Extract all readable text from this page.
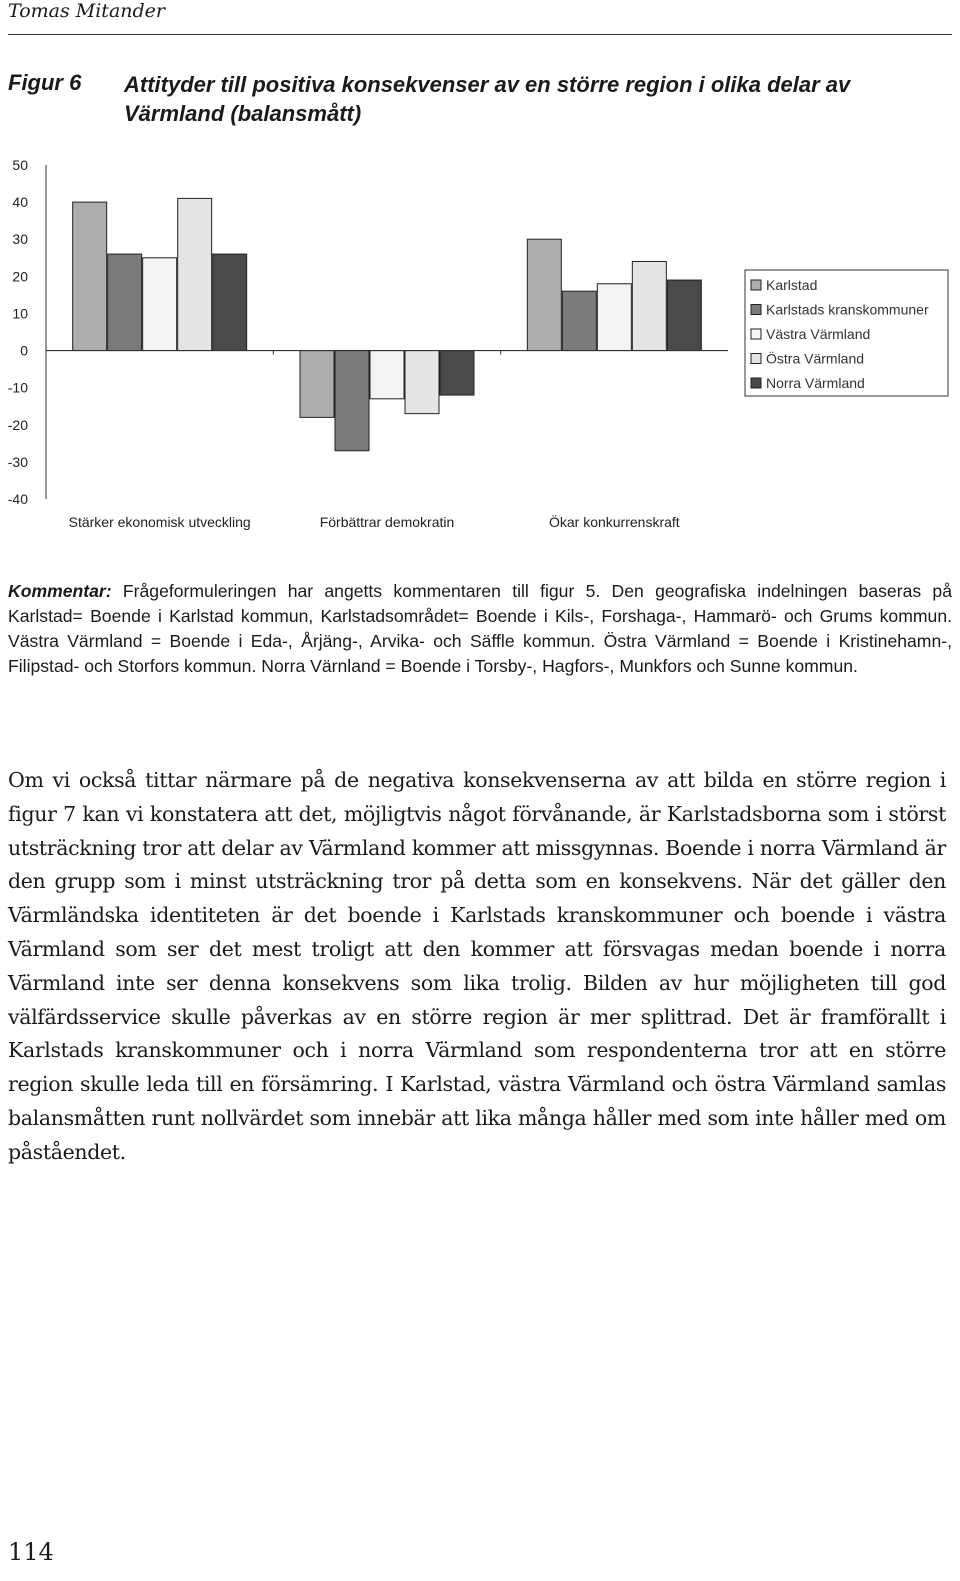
Tomas Mitander
Figur 6 Attityder till positiva konsekvenser av en större region i olika delar av Värmland (balansmått)
50
40
30
20
10
0
-10
-20
-30
-40
Stärker ekonomisk utveckling	Förbättrar demokratin	Ökar konkurrenskraft
Karlstad
Karlstads kranskommuner
Västra Värmland
Östra Värmland
Norra Värmland
Kommentar: Frågeformuleringen har angetts kommentaren till figur 5. Den geografiska indelningen baseras på Karlstad= Boende i Karlstad kommun, Karlstadsområdet= Boende i Kils-, Forshaga-, Hammarö- och Grums kommun. Västra Värmland = Boende i Eda-, Årjäng-, Arvika- och Säffle kommun. Östra Värmland = Boende i Kristinehamn-, Filipstad- och Storfors kommun. Norra Värnland = Boende i Torsby-, Hagfors-, Munkfors och Sunne kommun.
Om vi också tittar närmare på de negativa konsekvenserna av att bilda en större region i figur 7 kan vi konstatera att det, möjligtvis något förvånande, är Karlstadsborna som i störst utsträckning tror att delar av Värmland kommer att missgynnas. Boende i norra Värmland är den grupp som i minst utsträckning tror på detta som en konsekvens. När det gäller den Värmländska identiteten är det boende i Karlstads kranskommuner och boende i västra Värmland som ser det mest troligt att den kommer att försvagas medan boende i norra Värmland inte ser denna konsekvens som lika trolig. Bilden av hur möjligheten till god välfärdsservice skulle påverkas av en större region är mer splittrad. Det är framförallt i Karlstads kranskommuner och i norra Värmland som respondenterna tror att en större region skulle leda till en försämring. I Karlstad, västra Värmland och östra Värmland samlas balansmåtten runt nollvärdet som innebär att lika många håller med som inte håller med om påståendet.
114
